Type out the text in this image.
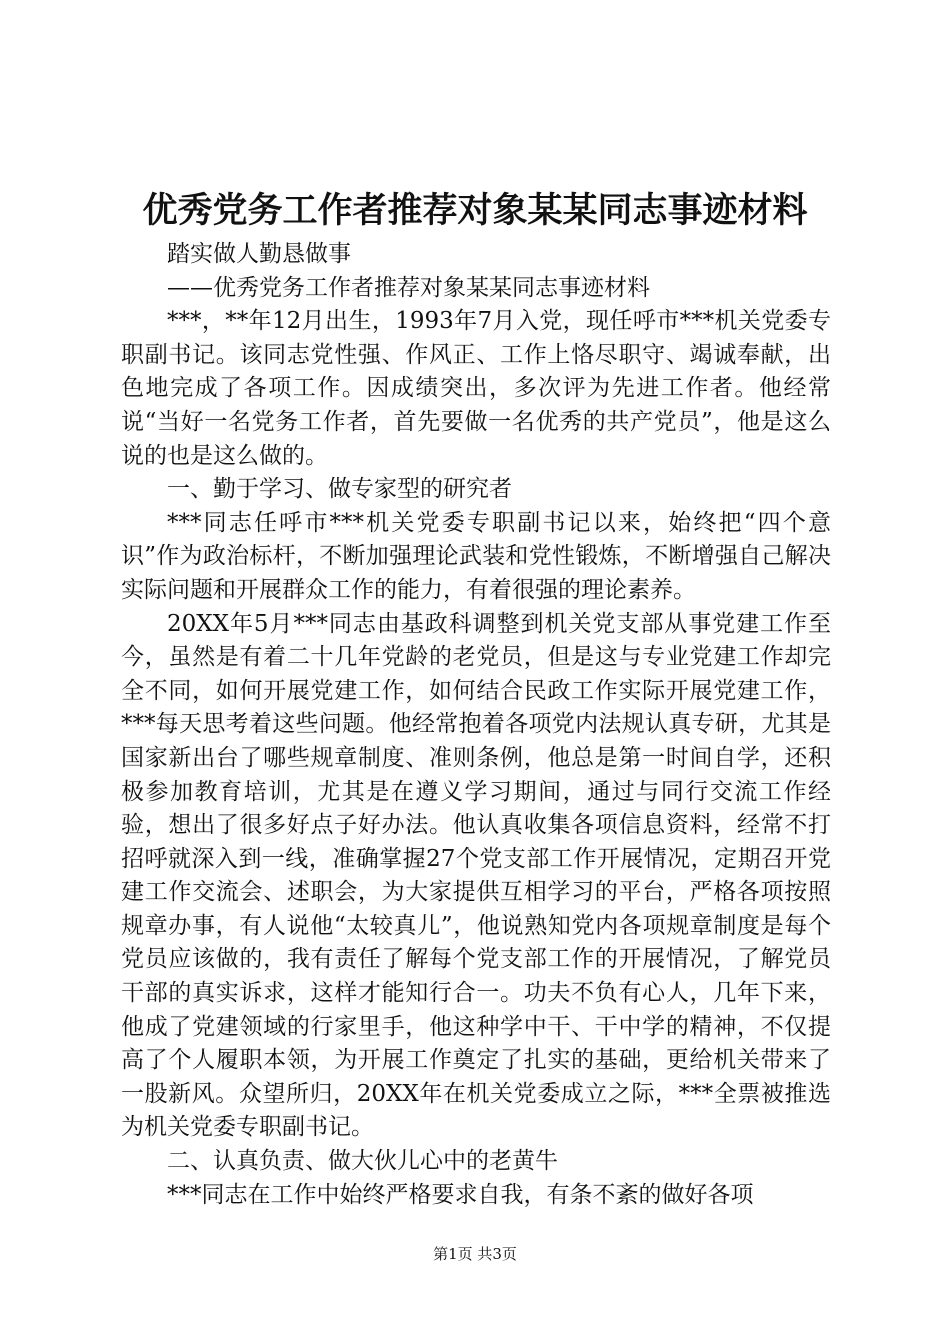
优秀党务工作者推荐对象某某同志事迹材料

踏实做人勤恳做事

——优秀党务工作者推荐对象某某同志事迹材料

***，**年12月出生，1993年7月入党，现任呼市***机关党委专职副书记。该同志党性强、作风正、工作上恪尽职守、竭诚奉献，出色地完成了各项工作。因成绩突出，多次评为先进工作者。他经常说“当好一名党务工作者，首先要做一名优秀的共产党员”，他是这么说的也是这么做的。

一、勤于学习、做专家型的研究者

***同志任呼市***机关党委专职副书记以来，始终把“四个意识”作为政治标杆，不断加强理论武装和党性锻炼，不断增强自己解决实际问题和开展群众工作的能力，有着很强的理论素养。

20XX年5月***同志由基政科调整到机关党支部从事党建工作至今，虽然是有着二十几年党龄的老党员，但是这与专业党建工作却完全不同，如何开展党建工作，如何结合民政工作实际开展党建工作，***每天思考着这些问题。他经常抱着各项党内法规认真专研，尤其是国家新出台了哪些规章制度、准则条例，他总是第一时间自学，还积极参加教育培训，尤其是在遵义学习期间，通过与同行交流工作经验，想出了很多好点子好办法。他认真收集各项信息资料，经常不打招呼就深入到一线，准确掌握27个党支部工作开展情况，定期召开党建工作交流会、述职会，为大家提供互相学习的平台，严格各项按照规章办事，有人说他“太较真儿”，他说熟知党内各项规章制度是每个党员应该做的，我有责任了解每个党支部工作的开展情况，了解党员干部的真实诉求，这样才能知行合一。功夫不负有心人，几年下来，他成了党建领域的行家里手，他这种学中干、干中学的精神，不仅提高了个人履职本领，为开展工作奠定了扎实的基础，更给机关带来了一股新风。众望所归，20XX年在机关党委成立之际，***全票被推选为机关党委专职副书记。

二、认真负责、做大伙儿心中的老黄牛

***同志在工作中始终严格要求自我，有条不紊的做好各项

第1页 共3页
